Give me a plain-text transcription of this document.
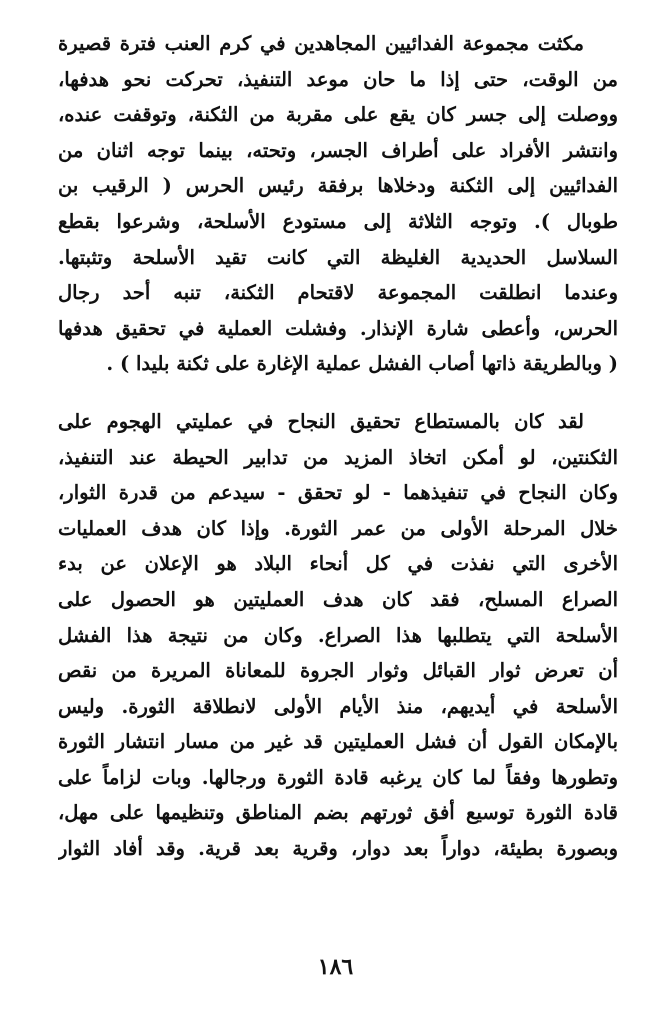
مكثت مجموعة الفدائيين المجاهدين في كرم العنب فترة قصيرة
من الوقت، حتى إذا ما حان موعد التنفيذ، تحركت نحو هدفها،
ووصلت إلى جسر كان يقع على مقربة من الثكنة، وتوقفت عنده،
وانتشر الأفراد على أطراف الجسر، وتحته، بينما توجه اثنان من
الفدائيين إلى الثكنة ودخلاها برفقة رئيس الحرس ( الرقيب بن
طوبال ). وتوجه الثلاثة إلى مستودع الأسلحة، وشرعوا بقطع
السلاسل الحديدية الغليظة التي كانت تقيد الأسلحة وتثبتها.
وعندما انطلقت المجموعة لاقتحام الثكنة، تنبه أحد رجال
الحرس، وأعطى شارة الإنذار. وفشلت العملية في تحقيق هدفها
( وبالطريقة ذاتها أصاب الفشل عملية الإغارة على ثكنة بليدا ) .

لقد كان بالمستطاع تحقيق النجاح في عمليتي الهجوم على
الثكنتين، لو أمكن اتخاذ المزيد من تدابير الحيطة عند التنفيذ،
وكان النجاح في تنفيذهما - لو تحقق - سيدعم من قدرة الثوار،
خلال المرحلة الأولى من عمر الثورة. وإذا كان هدف العمليات
الأخرى التي نفذت في كل أنحاء البلاد هو الإعلان عن بدء
الصراع المسلح، فقد كان هدف العمليتين هو الحصول على
الأسلحة التي يتطلبها هذا الصراع. وكان من نتيجة هذا الفشل
أن تعرض ثوار القبائل وثوار الجروة للمعاناة المريرة من نقص
الأسلحة في أيديهم، منذ الأيام الأولى لانطلاقة الثورة. وليس
بالإمكان القول أن فشل العمليتين قد غير من مسار انتشار الثورة
وتطورها وفقاً لما كان يرغبه قادة الثورة ورجالها. وبات لزاماً على
قادة الثورة توسيع أفق ثورتهم بضم المناطق وتنظيمها على مهل،
وبصورة بطيئة، دواراً بعد دوار، وقرية بعد قرية. وقد أفاد الثوار

١٨٦
